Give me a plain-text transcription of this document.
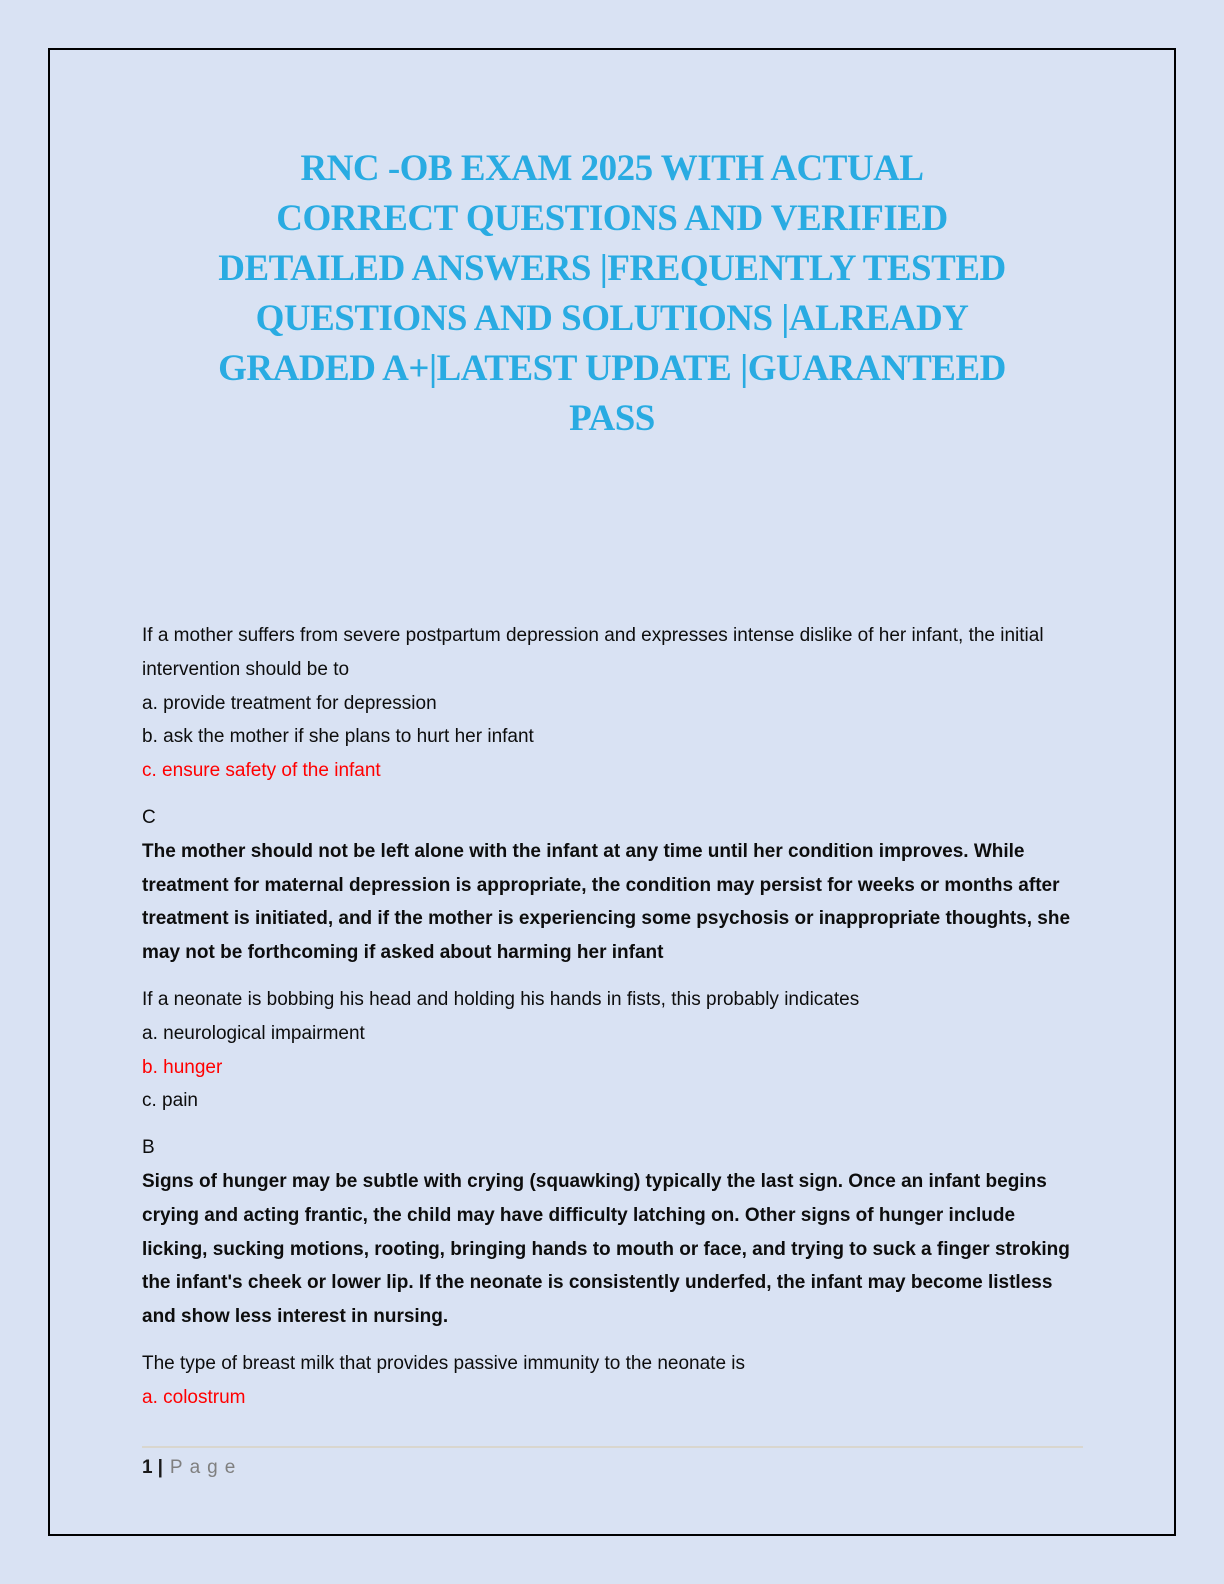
RNC -OB EXAM 2025 WITH ACTUAL
CORRECT QUESTIONS AND VERIFIED
DETAILED ANSWERS |FREQUENTLY TESTED
QUESTIONS AND SOLUTIONS |ALREADY
GRADED A+|LATEST UPDATE |GUARANTEED
PASS

If a mother suffers from severe postpartum depression and expresses intense dislike of her infant, the initial intervention should be to

a. provide treatment for depression

b. ask the mother if she plans to hurt her infant

c. ensure safety of the infant

C

The mother should not be left alone with the infant at any time until her condition improves. While treatment for maternal depression is appropriate, the condition may persist for weeks or months after treatment is initiated, and if the mother is experiencing some psychosis or inappropriate thoughts, she may not be forthcoming if asked about harming her infant

If a neonate is bobbing his head and holding his hands in fists, this probably indicates

a. neurological impairment

b. hunger

c. pain

B

Signs of hunger may be subtle with crying (squawking) typically the last sign. Once an infant begins crying and acting frantic, the child may have difficulty latching on. Other signs of hunger include licking, sucking motions, rooting, bringing hands to mouth or face, and trying to suck a finger stroking the infant's cheek or lower lip. If the neonate is consistently underfed, the infant may become listless and show less interest in nursing.

The type of breast milk that provides passive immunity to the neonate is

a. colostrum

1 | Page
